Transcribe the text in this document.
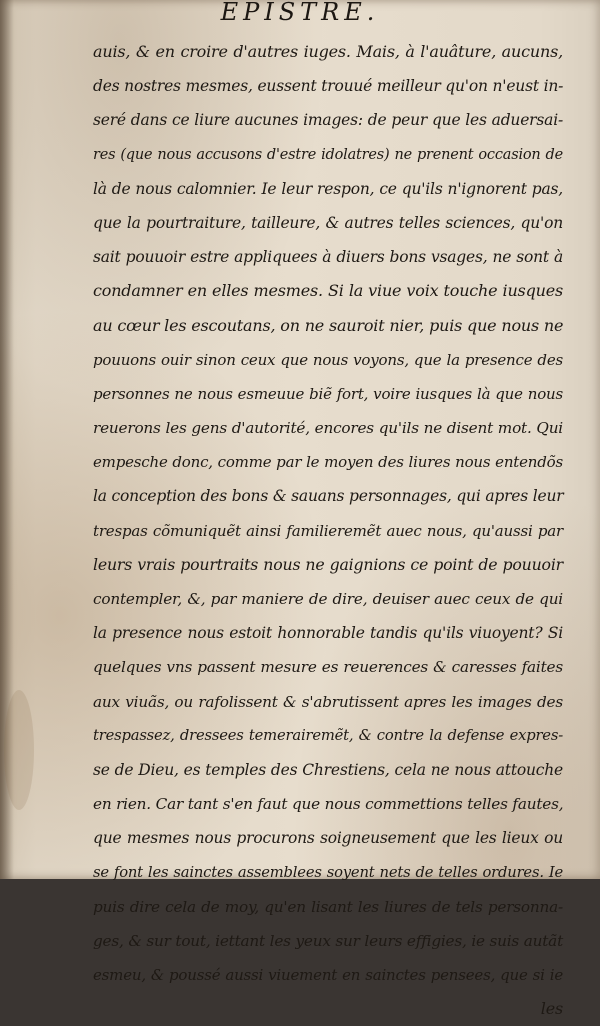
EPISTRE.
auis, & en croire d'autres iuges. Mais, à l'auâture, aucuns,
des nostres mesmes, eussent trouué meilleur qu'on n'eust in-
seré dans ce liure aucunes images: de peur que les aduersai-
res (que nous accusons d'estre idolatres) ne prenent occasion de
là de nous calomnier. Ie leur respon, ce qu'ils n'ignorent pas,
que la pourtraiture, tailleure, & autres telles sciences, qu'on
sait pouuoir estre appliquees à diuers bons vsages, ne sont à
condamner en elles mesmes. Si la viue voix touche iusques
au cœur les escoutans, on ne sauroit nier, puis que nous ne
pouuons ouir sinon ceux que nous voyons, que la presence des
personnes ne nous esmeuue biẽ fort, voire iusques là que nous
reuerons les gens d'autorité, encores qu'ils ne disent mot. Qui
empesche donc, comme par le moyen des liures nous entendõs
la conception des bons & sauans personnages, qui apres leur
trespas cõmuniquẽt ainsi familieremẽt auec nous, qu'aussi par
leurs vrais pourtraits nous ne gaignions ce point de pouuoir
contempler, &, par maniere de dire, deuiser auec ceux de qui
la presence nous estoit honnorable tandis qu'ils viuoyent? Si
quelques vns passent mesure es reuerences & caresses faites
aux viuãs, ou rafolissent & s'abrutissent apres les images des
trespassez, dressees temerairemẽt, & contre la defense expres-
se de Dieu, es temples des Chrestiens, cela ne nous attouche
en rien. Car tant s'en faut que nous commettions telles fautes,
que mesmes nous procurons soigneusement que les lieux ou
se font les sainctes assemblees soyent nets de telles ordures. Ie
puis dire cela de moy, qu'en lisant les liures de tels personna-
ges, & sur tout, iettant les yeux sur leurs effigies, ie suis autãt
esmeu, & poussé aussi viuement en sainctes pensees, que si ie
les
